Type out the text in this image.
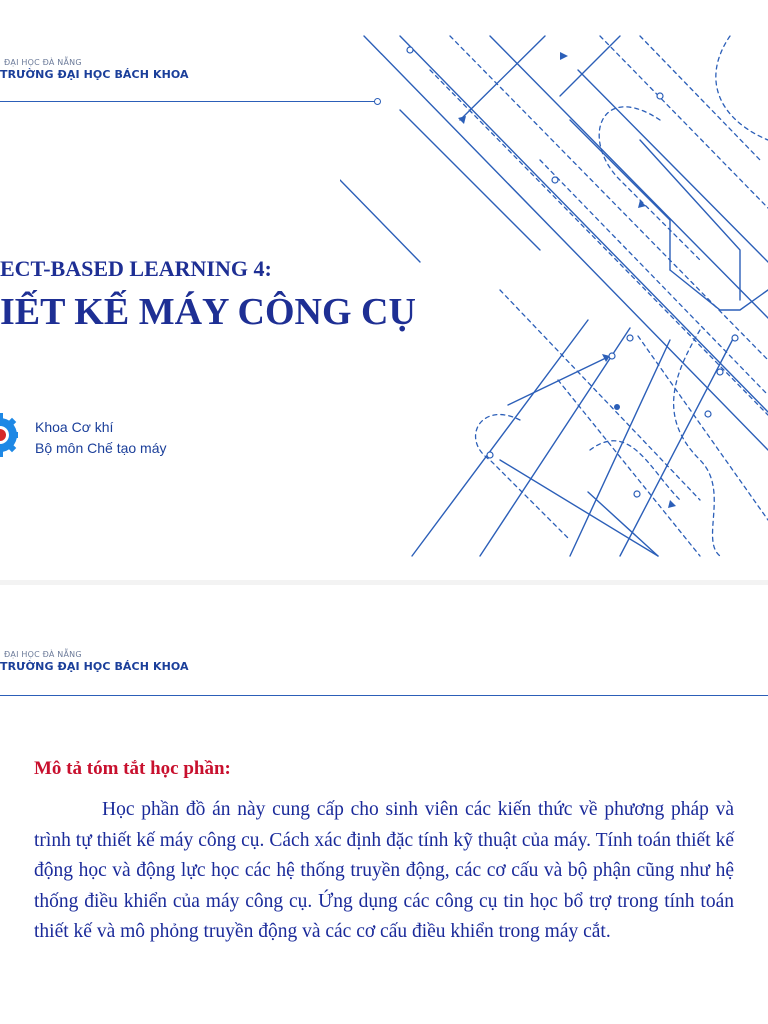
ĐẠI HỌC ĐÀ NẴNG
TRƯỜNG ĐẠI HỌC BÁCH KHOA
ECT-BASED LEARNING 4:
IẾT KẾ MÁY CÔNG CỤ
Khoa Cơ khí
Bộ môn Chế tạo máy
ĐẠI HỌC ĐÀ NẴNG
TRƯỜNG ĐẠI HỌC BÁCH KHOA
Mô tả tóm tắt học phần:
Học phần đồ án này cung cấp cho sinh viên các kiến thức về phương pháp và trình tự thiết kế máy công cụ. Cách xác định đặc tính kỹ thuật của máy. Tính toán thiết kế động học và động lực học các hệ thống truyền động, các cơ cấu và bộ phận cũng như hệ thống điều khiển của máy công cụ. Ứng dụng các công cụ tin học bổ trợ trong tính toán thiết kế và mô phỏng truyền động và các cơ cấu điều khiển trong máy cắt.
